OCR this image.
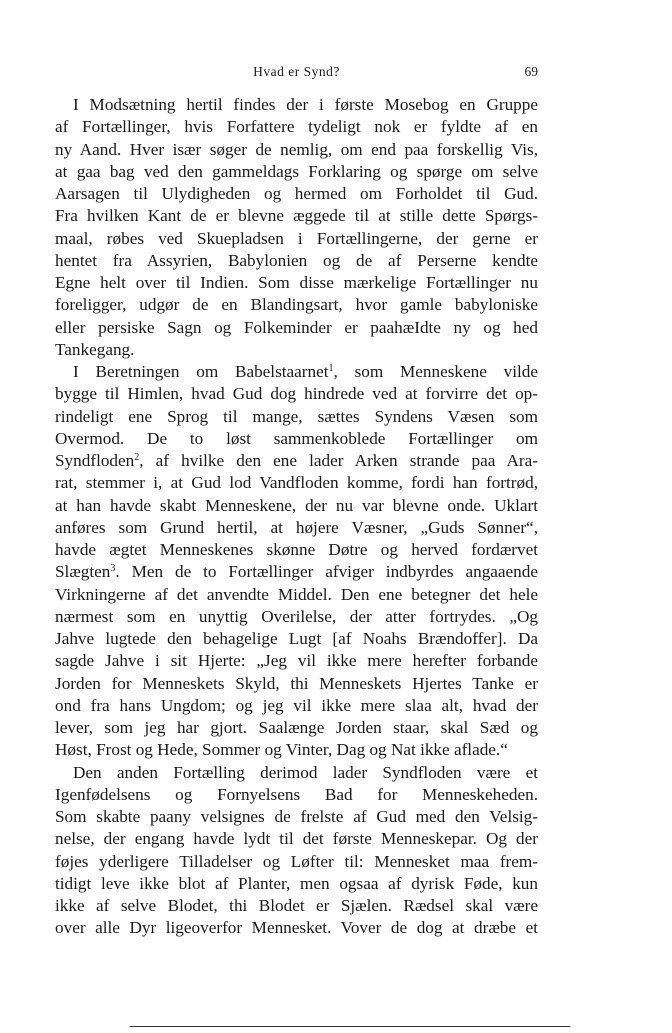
Hvad er Synd?	69
I Modsætning hertil findes der i første Mosebog en Gruppe
af Fortællinger, hvis Forfattere tydeligt nok er fyldte af en
ny Aand. Hver især søger de nemlig, om end paa forskellig Vis,
at gaa bag ved den gammeldags Forklaring og spørge om selve
Aarsagen til Ulydigheden og hermed om Forholdet til Gud.
Fra hvilken Kant de er blevne æggede til at stille dette Spørgs-
maal, røbes ved Skuepladsen i Fortællingerne, der gerne er
hentet fra Assyrien, Babylonien og de af Perserne kendte
Egne helt over til Indien. Som disse mærkelige Fortællinger nu
foreligger, udgør de en Blandingsart, hvor gamle babyloniske
eller persiske Sagn og Folkeminder er paahæIdte ny og hed
Tankegang.
I Beretningen om Babelstaarnet$^1$, som Menneskene vilde
bygge til Himlen, hvad Gud dog hindrede ved at forvirre det op-
rindeligt ene Sprog til mange, sættes Syndens Væsen som
Overmod. De to løst sammenkoblede Fortællinger om
Syndfloden$^2$, af hvilke den ene lader Arken strande paa Ara-
rat, stemmer i, at Gud lod Vandfloden komme, fordi han fortrød,
at han havde skabt Menneskene, der nu var blevne onde. Uklart
anføres som Grund hertil, at højere Væsner, „Guds Sønner“,
havde ægtet Menneskenes skønne Døtre og herved fordærvet
Slægten$^3$. Men de to Fortællinger afviger indbyrdes angaaende
Virkningerne af det anvendte Middel. Den ene betegner det hele
nærmest som en unyttig Overilelse, der atter fortrydes. „Og
Jahve lugtede den behagelige Lugt [af Noahs Brændoffer]. Da
sagde Jahve i sit Hjerte: „Jeg vil ikke mere herefter forbande
Jorden for Menneskets Skyld, thi Menneskets Hjertes Tanke er
ond fra hans Ungdom; og jeg vil ikke mere slaa alt, hvad der
lever, som jeg har gjort. Saalænge Jorden staar, skal Sæd og
Høst, Frost og Hede, Sommer og Vinter, Dag og Nat ikke aflade.“
Den anden Fortælling derimod lader Syndfloden være et
Igenfødelsens og Fornyelsens Bad for Menneskeheden.
Som skabte paany velsignes de frelste af Gud med den Velsig-
nelse, der engang havde lydt til det første Menneskepar. Og der
føjes yderligere Tilladelser og Løfter til: Mennesket maa frem-
tidigt leve ikke blot af Planter, men ogsaa af dyrisk Føde, kun
ikke af selve Blodet, thi Blodet er Sjælen. Rædsel skal være
over alle Dyr ligeoverfor Mennesket. Vover de dog at dræbe et
